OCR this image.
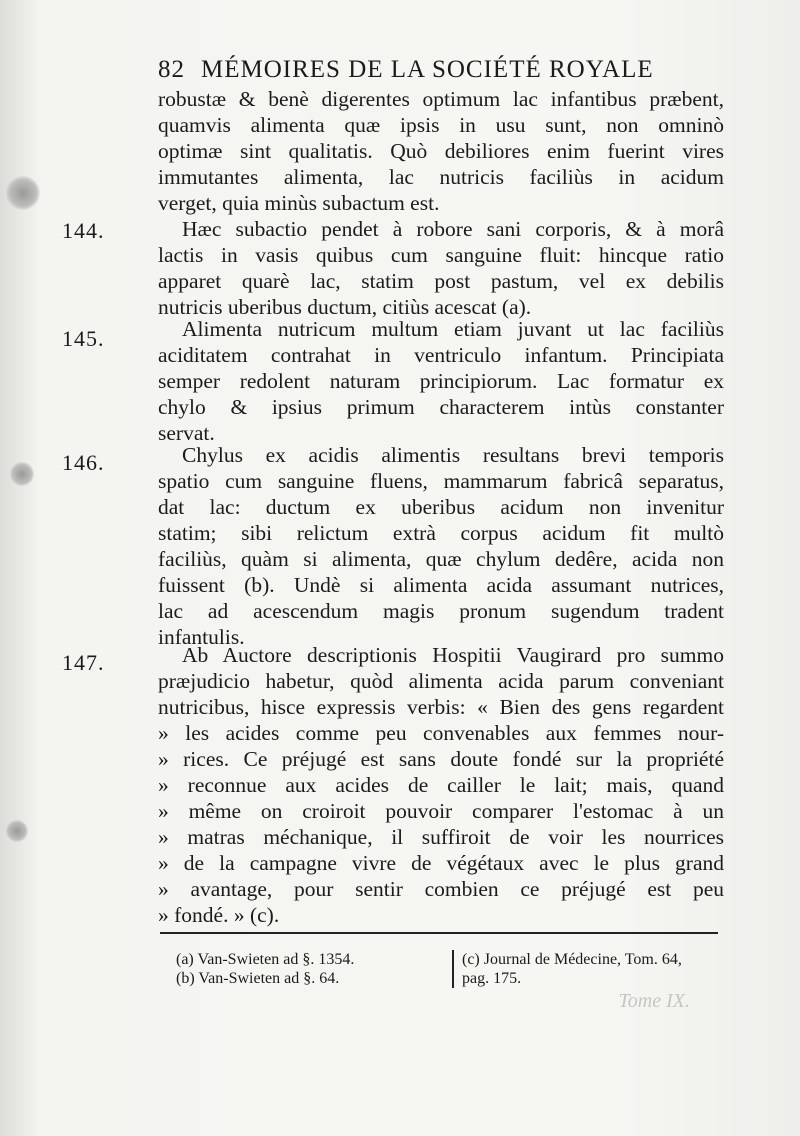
82 MÉMOIRES DE LA SOCIÉTÉ ROYALE
robustæ & benè digerentes optimum lac infantibus præbent,
quamvis alimenta quæ ipsis in usu sunt, non omninò
optimæ sint qualitatis. Quò debiliores enim fuerint vires
immutantes alimenta, lac nutricis faciliùs in acidum
verget, quia minùs subactum est.
144.	Hæc subactio pendet à robore sani corporis, & à morâ
lactis in vasis quibus cum sanguine fluit: hincque ratio
apparet quarè lac, statim post pastum, vel ex debilis
nutricis uberibus ductum, citiùs acescat (a).
145.	Alimenta nutricum multum etiam juvant ut lac faciliùs
aciditatem contrahat in ventriculo infantum. Principiata
semper redolent naturam principiorum. Lac formatur ex
chylo & ipsius primum characterem intùs constanter
servat.
146.	Chylus ex acidis alimentis resultans brevi temporis
spatio cum sanguine fluens, mammarum fabricâ separatus,
dat lac: ductum ex uberibus acidum non invenitur
statim; sibi relictum extrà corpus acidum fit multò
faciliùs, quàm si alimenta, quæ chylum dedêre, acida non
fuissent (b). Undè si alimenta acida assumant nutrices,
lac ad acescendum magis pronum sugendum tradent
infantulis.
147.	Ab Auctore descriptionis Hospitii Vaugirard pro summo
præjudicio habetur, quòd alimenta acida parum conveniant
nutricibus, hisce expressis verbis: « Bien des gens regardent
» les acides comme peu convenables aux femmes nour-
» rices. Ce préjugé est sans doute fondé sur la propriété
» reconnue aux acides de cailler le lait; mais, quand
» même on croiroit pouvoir comparer l'estomac à un
» matras méchanique, il suffiroit de voir les nourrices
» de la campagne vivre de végétaux avec le plus grand
» avantage, pour sentir combien ce préjugé est peu
» fondé. » (c).
(a) Van-Swieten ad §. 1354.
(b) Van-Swieten ad §. 64.
(c) Journal de Médecine, Tom. 64,
pag. 175.
Tome IX.
